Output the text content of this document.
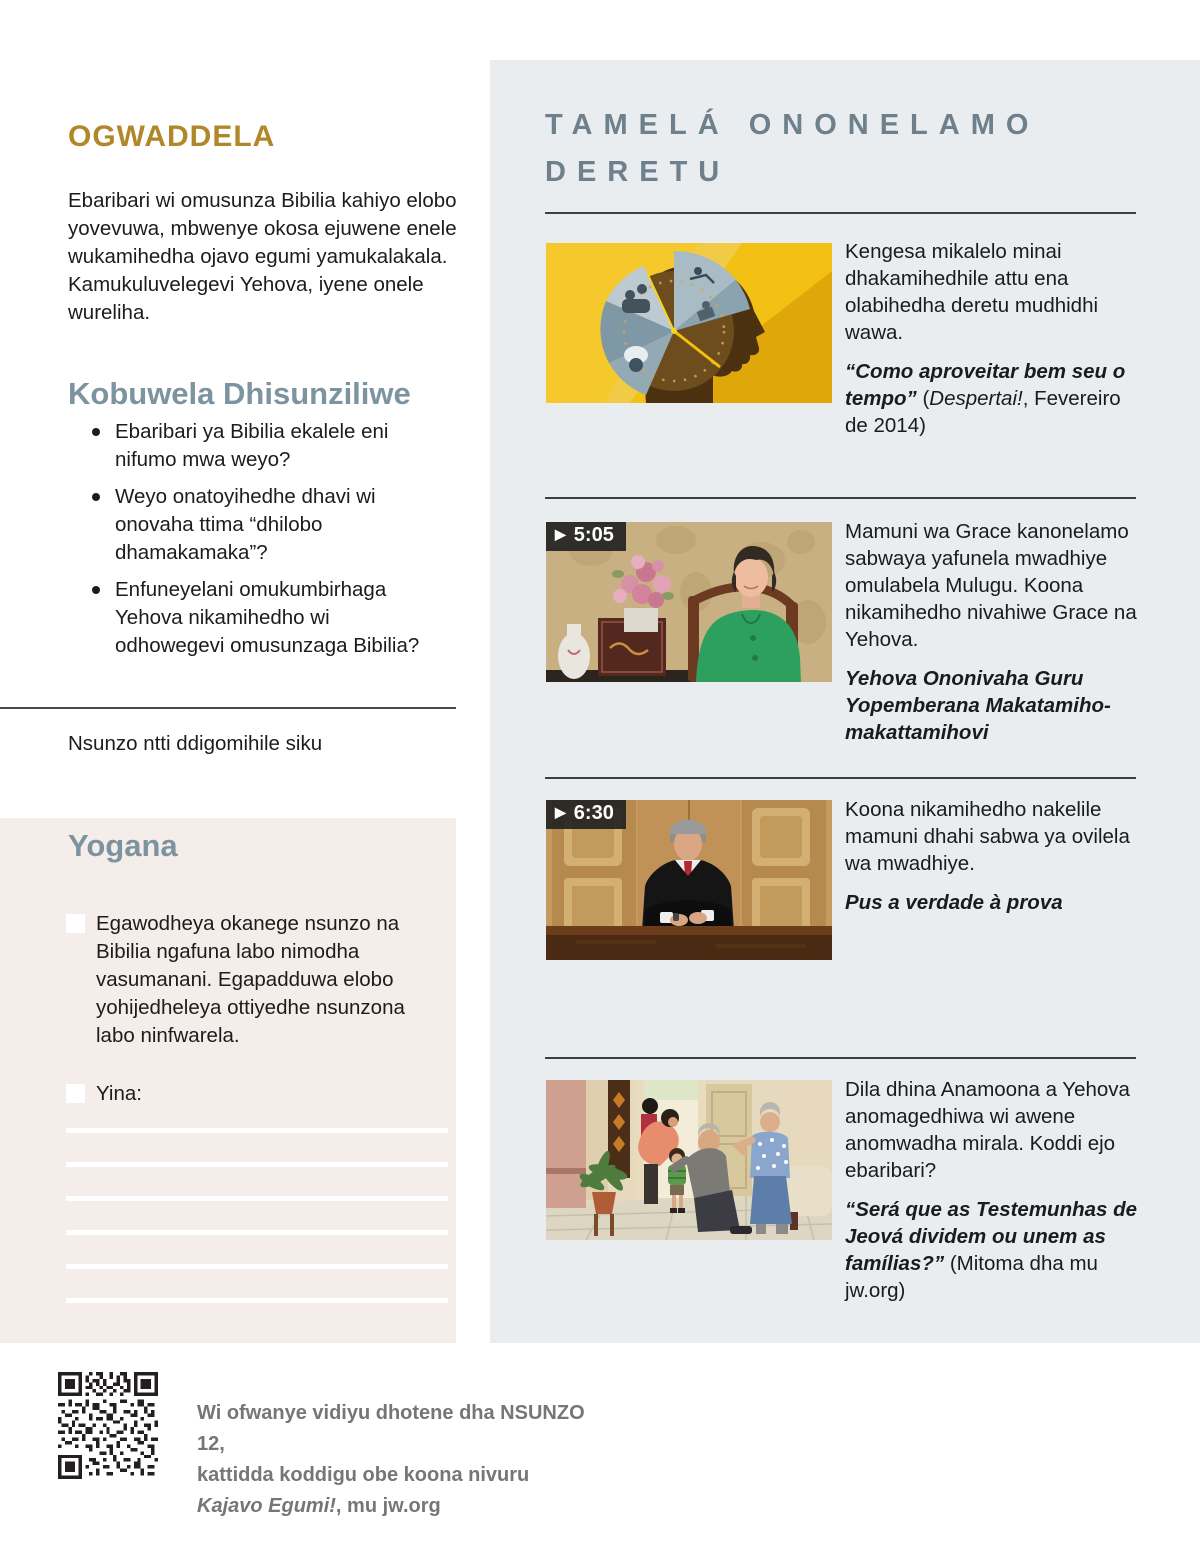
OGWADDELA

Ebaribari wi omusunza Bibilia kahiyo elobo yovevuwa, mbwenye okosa ejuwene enele wukamihedha ojavo egumi yamukalakala. Kamukuluvelegevi Yehova, iyene onele wureliha.

Kobuwela Dhisunziliwe
Ebaribari ya Bibilia ekalele eni nifumo mwa weyo?
Weyo onatoyihedhe dhavi wi onovaha ttima “dhilobo dhamakamaka”?
Enfuneyelani omukumbirhaga Yehova nikamihedho wi odhowegevi omusunzaga Bibilia?
Nsunzo ntti ddigomihile siku
Yogana
Egawodheya okanege nsunzo na Bibilia ngafuna labo nimodha vasumanani. Egapadduwa elobo yohijedheleya ottiyedhe nsunzona labo ninfwarela.
Yina:
Wi ofwanye vidiyu dhotene dha NSUNZO 12,
kattidda koddigu obe koona nivuru
Kajavo Egumi!, mu jw.org
TAMELÁ ONONELAMO
DERETU
Kengesa mikalelo minai dhakamihedhile attu ena olabihedha deretu mudhidhi wawa.
“Como aproveitar bem seu o tempo” (Despertai!, Fevereiro de 2014)
▶ 5:05	Mamuni wa Grace kanonelamo sabwaya yafunela mwadhiye omulabela Mulugu. Koona nikamihedho nivahiwe Grace na Yehova.
Yehova Ononivaha Guru Yopemberana Makatamiho-makattamihovi
▶ 6:30	Koona nikamihedho nakelile mamuni dhahi sabwa ya ovilela wa mwadhiye.
Pus a verdade à prova
Dila dhina Anamoona a Yehova anomagedhiwa wi awene anomwadha mirala. Koddi ejo ebaribari?
“Será que as Testemunhas de Jeová dividem ou unem as famílias?” (Mitoma dha mu jw.org)
